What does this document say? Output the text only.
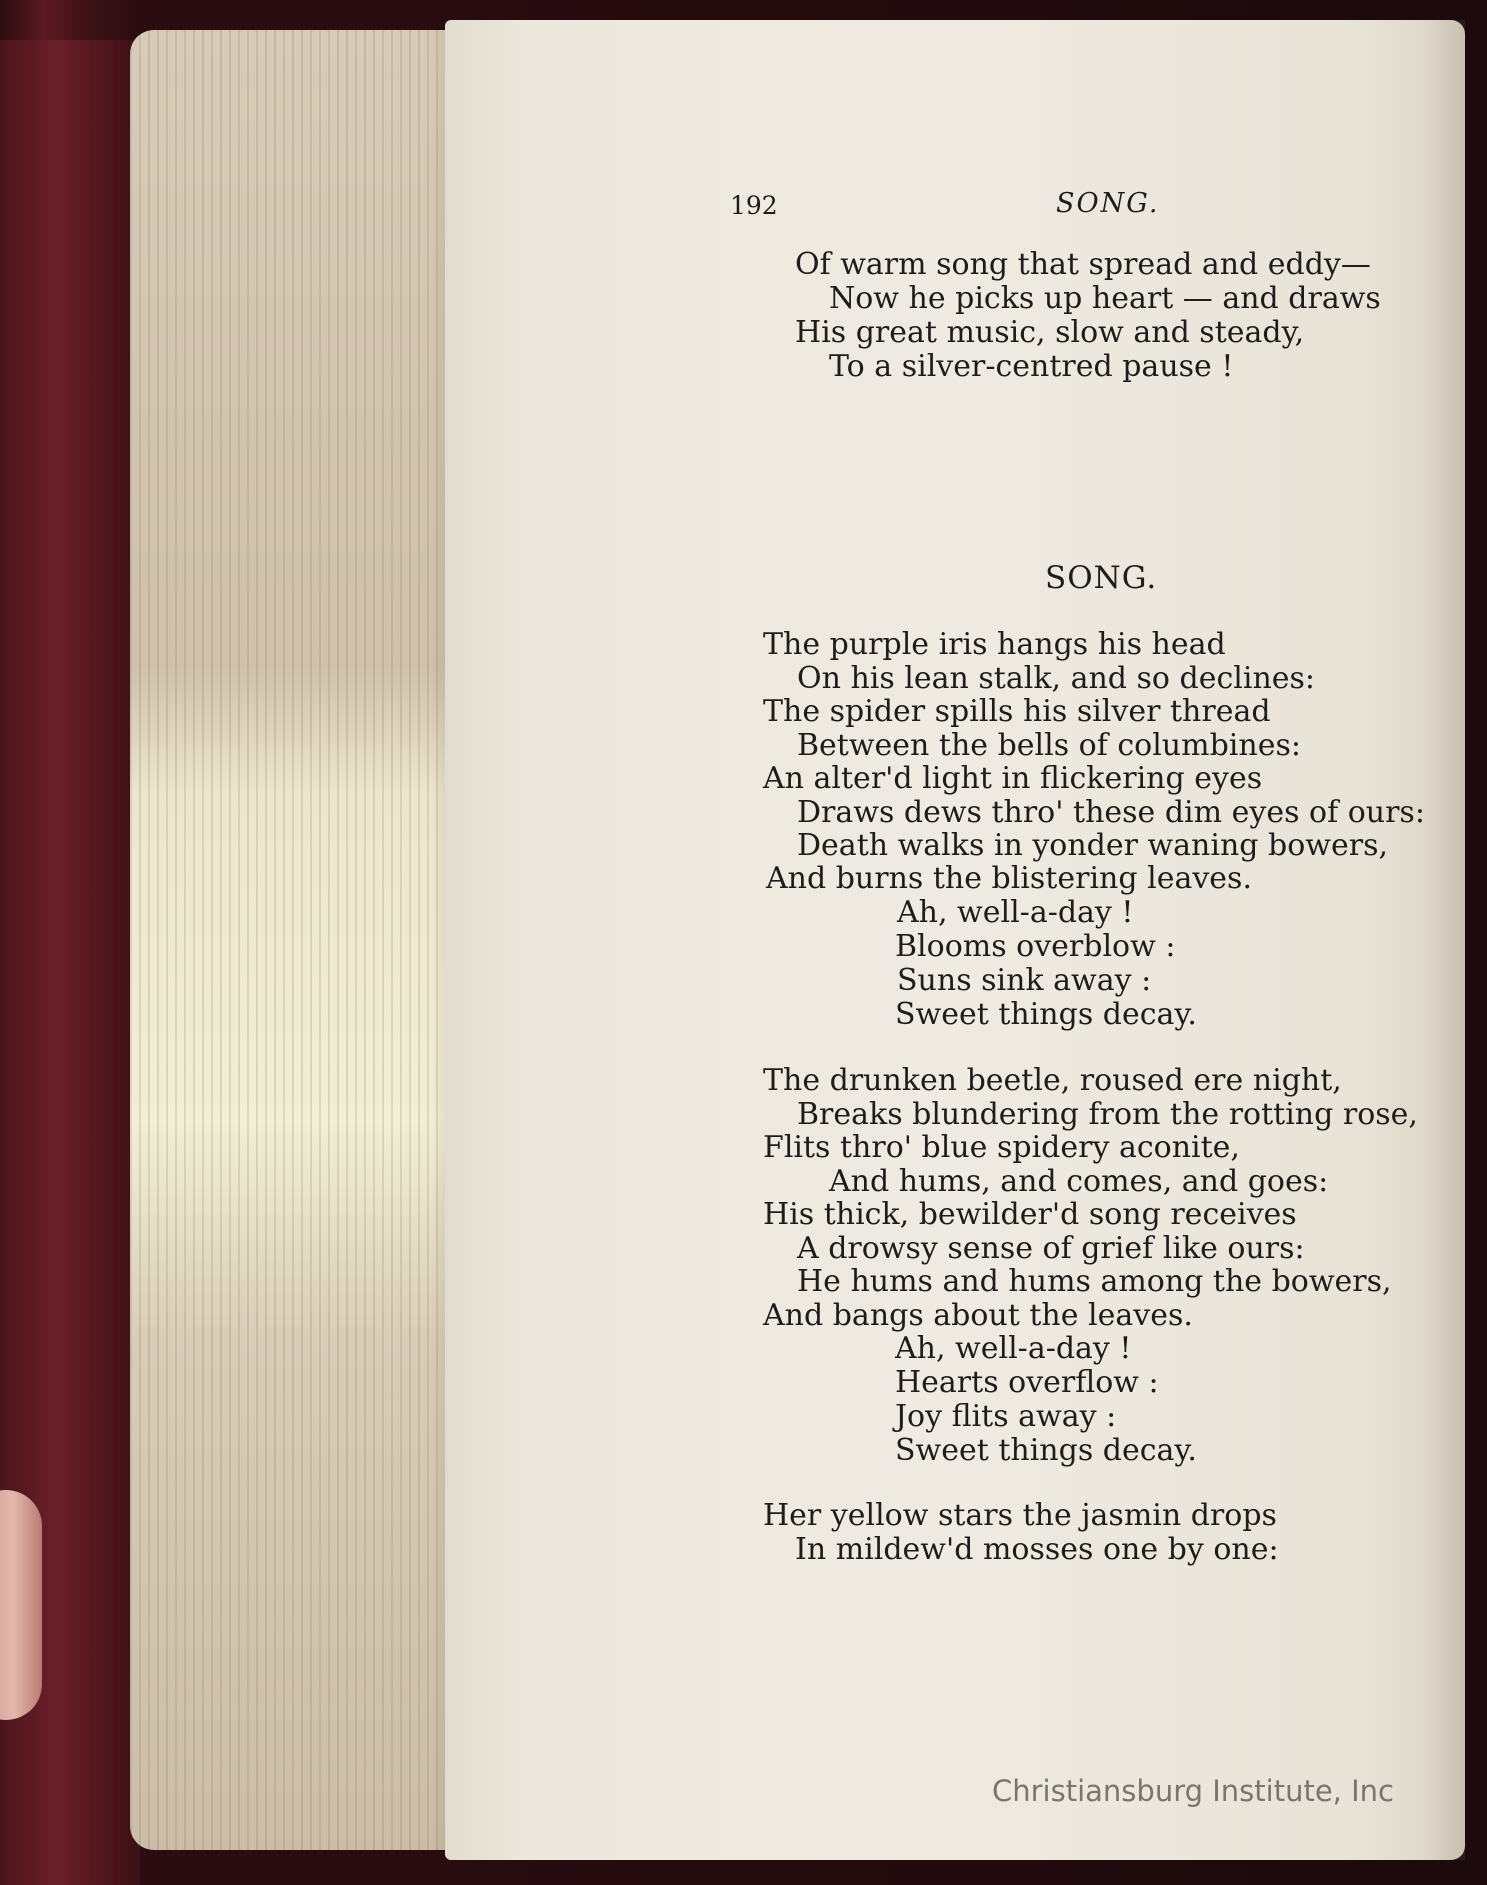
192	SONG.
Of warm song that spread and eddy—
Now he picks up heart — and draws
His great music, slow and steady,
To a silver-centred pause !
SONG.
The purple iris hangs his head
On his lean stalk, and so declines:
The spider spills his silver thread
Between the bells of columbines:
An alter'd light in flickering eyes
Draws dews thro' these dim eyes of ours:
Death walks in yonder waning bowers,
And burns the blistering leaves.
Ah, well-a-day !
Blooms overblow :
Suns sink away :
Sweet things decay.
The drunken beetle, roused ere night,
Breaks blundering from the rotting rose,
Flits thro' blue spidery aconite,
And hums, and comes, and goes:
His thick, bewilder'd song receives
A drowsy sense of grief like ours:
He hums and hums among the bowers,
And bangs about the leaves.
Ah, well-a-day !
Hearts overflow :
Joy flits away :
Sweet things decay.
Her yellow stars the jasmin drops
In mildew'd mosses one by one:
Christiansburg Institute, Inc
